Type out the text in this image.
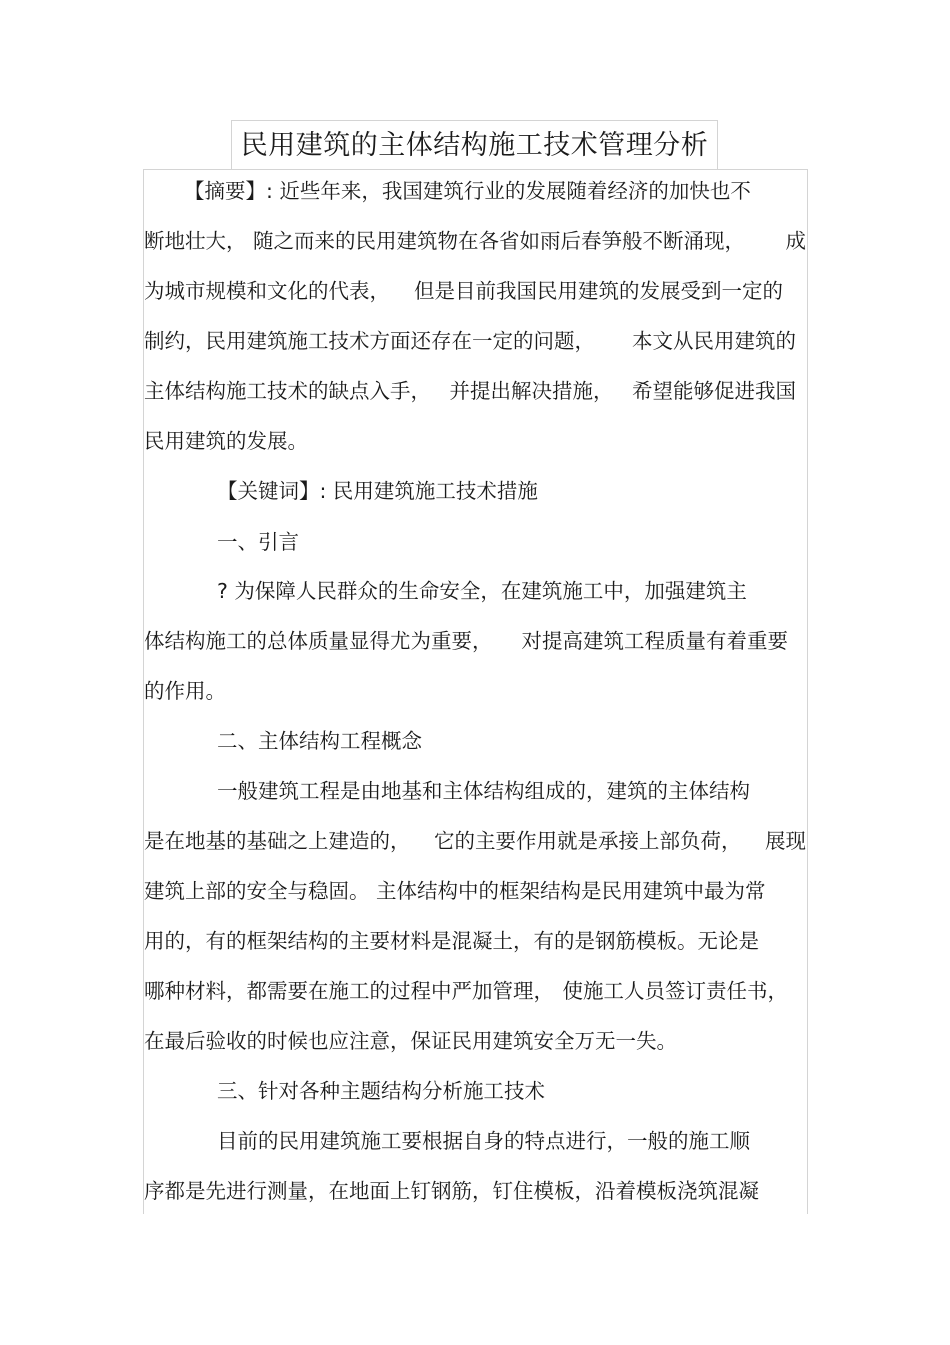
民用建筑的主体结构施工技术管理分析
【摘要】: 近些年来，我国建筑行业的发展随着经济的加快也不
断地壮大， 随之而来的民用建筑物在各省如雨后春笋般不断涌现， 成
为城市规模和文化的代表， 但是目前我国民用建筑的发展受到一定的
制约，民用建筑施工技术方面还存在一定的问题， 本文从民用建筑的
主体结构施工技术的缺点入手， 并提出解决措施， 希望能够促进我国
民用建筑的发展。
【关键词】: 民用建筑施工技术措施
一、引言
? 为保障人民群众的生命安全，在建筑施工中，加强建筑主
体结构施工的总体质量显得尤为重要， 对提高建筑工程质量有着重要
的作用。
二、主体结构工程概念
一般建筑工程是由地基和主体结构组成的，建筑的主体结构
是在地基的基础之上建造的， 它的主要作用就是承接上部负荷， 展现
建筑上部的安全与稳固。 主体结构中的框架结构是民用建筑中最为常
用的，有的框架结构的主要材料是混凝土，有的是钢筋模板。无论是
哪种材料，都需要在施工的过程中严加管理， 使施工人员签订责任书，
在最后验收的时候也应注意，保证民用建筑安全万无一失。
三、针对各种主题结构分析施工技术
目前的民用建筑施工要根据自身的特点进行，一般的施工顺
序都是先进行测量，在地面上钉钢筋，钉住模板，沿着模板浇筑混凝
